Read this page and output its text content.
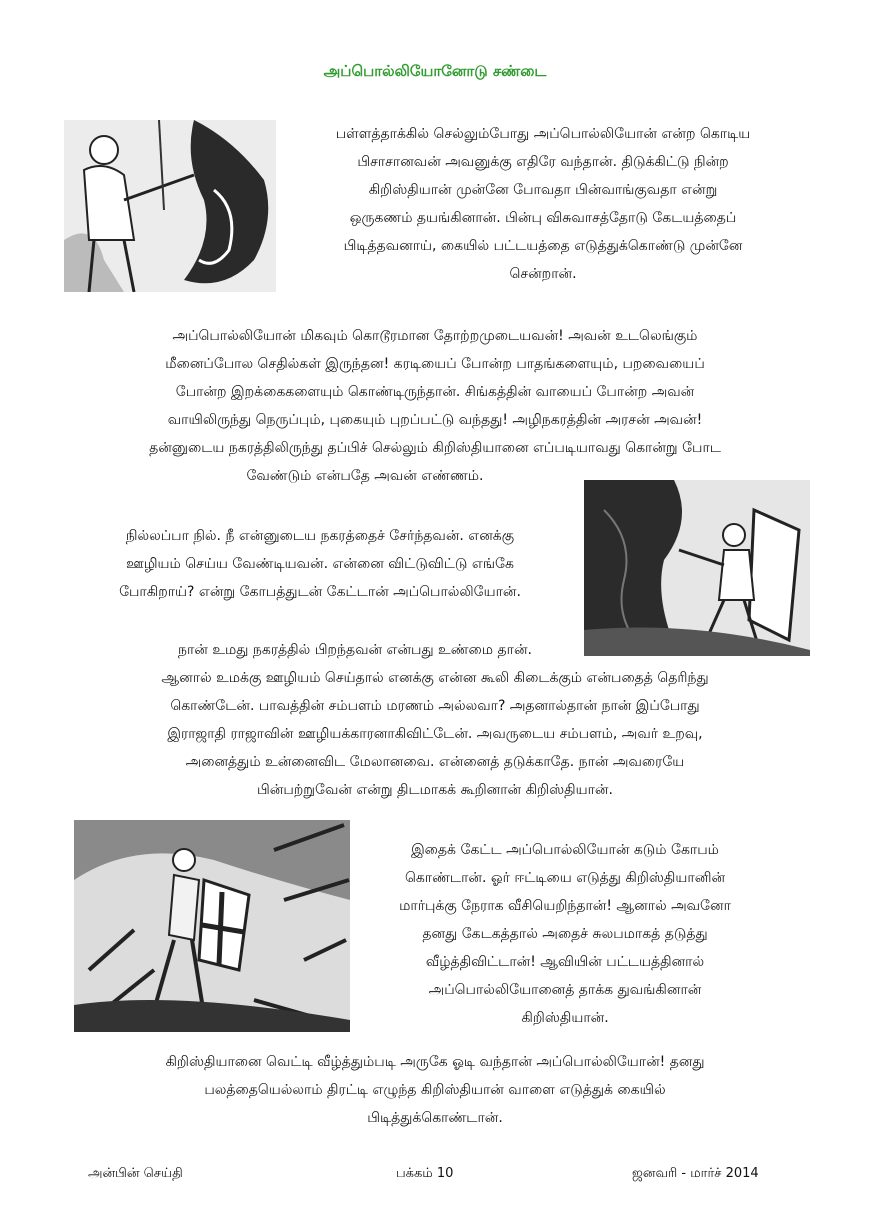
அப்பொல்லியோனோடு சண்டை

பள்ளத்தாக்கில் செல்லும்போது அப்பொல்லியோன் என்ற கொடிய
பிசாசானவன் அவனுக்கு எதிரே வந்தான். திடுக்கிட்டு நின்ற
கிறிஸ்தியான் முன்னே போவதா பின்வாங்குவதா என்று
ஒருகணம் தயங்கினான். பின்பு விசுவாசத்தோடு கேடயத்தைப்
பிடித்தவனாய், கையில் பட்டயத்தை எடுத்துக்கொண்டு முன்னே
சென்றான்.

அப்பொல்லியோன் மிகவும் கொடூரமான தோற்றமுடையவன்! அவன் உடலெங்கும்
மீனைப்போல செதில்கள் இருந்தன! கரடியைப் போன்ற பாதங்களையும், பறவையைப்
போன்ற இறக்கைகளையும் கொண்டிருந்தான். சிங்கத்தின் வாயைப் போன்ற அவன்
வாயிலிருந்து நெருப்பும், புகையும் புறப்பட்டு வந்தது! அழிநகரத்தின் அரசன் அவன்!
தன்னுடைய நகரத்திலிருந்து தப்பிச் செல்லும் கிறிஸ்தியானை எப்படியாவது கொன்று போட
வேண்டும் என்பதே அவன் எண்ணம்.

நில்லப்பா நில். நீ என்னுடைய நகரத்தைச் சேர்ந்தவன். எனக்கு
ஊழியம் செய்ய வேண்டியவன். என்னை விட்டுவிட்டு எங்கே
போகிறாய்? என்று கோபத்துடன் கேட்டான் அப்பொல்லியோன்.

நான் உமது நகரத்தில் பிறந்தவன் என்பது உண்மை தான்.
ஆனால் உமக்கு ஊழியம் செய்தால் எனக்கு என்ன கூலி கிடைக்கும் என்பதைத் தெரிந்து
கொண்டேன். பாவத்தின் சம்பளம் மரணம் அல்லவா? அதனால்தான் நான் இப்போது
இராஜாதி ராஜாவின் ஊழியக்காரனாகிவிட்டேன். அவருடைய சம்பளம், அவர் உறவு,
அனைத்தும் உன்னைவிட மேலானவை. என்னைத் தடுக்காதே. நான் அவரையே
பின்பற்றுவேன் என்று திடமாகக் கூறினான் கிறிஸ்தியான்.

இதைக் கேட்ட அப்பொல்லியோன் கடும் கோபம்
கொண்டான். ஓர் ஈட்டியை எடுத்து கிறிஸ்தியானின்
மார்புக்கு நேராக வீசியெறிந்தான்! ஆனால் அவனோ
தனது கேடகத்தால் அதைச் சுலபமாகத் தடுத்து
வீழ்த்திவிட்டான்! ஆவியின் பட்டயத்தினால்
அப்பொல்லியோனைத் தாக்க துவங்கினான்
கிறிஸ்தியான்.

கிறிஸ்தியானை வெட்டி வீழ்த்தும்படி அருகே ஓடி வந்தான் அப்பொல்லியோன்! தனது
பலத்தையெல்லாம் திரட்டி எழுந்த கிறிஸ்தியான் வாளை எடுத்துக் கையில்
பிடித்துக்கொண்டான்.

அன்பின் செய்தி	பக்கம் 10	ஜனவரி - மார்ச் 2014
